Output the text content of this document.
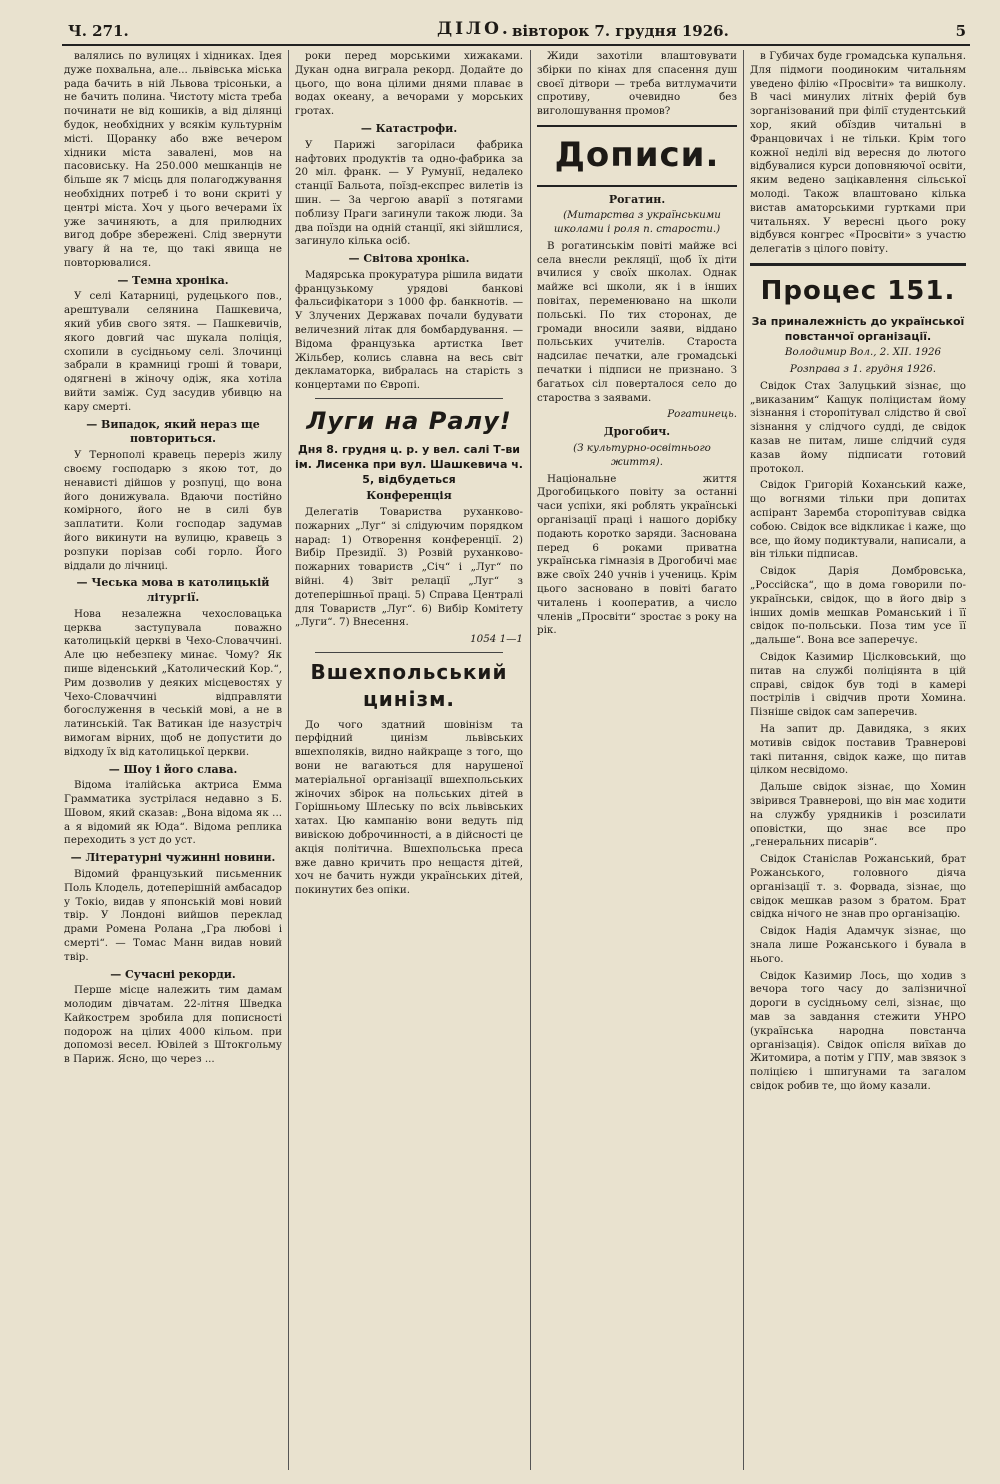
Ч. 271.	ДІЛО. вівторок 7. грудня 1926.	5

валялись по вулицях і хідниках. Ідея дуже похвальна, але... львівська міська рада бачить в ній Львова трісоньки, а не бачить полина. Чистоту міста треба починати не від кошиків, а від ділянці будок, необхідних у всякім культурнім місті. Щоранку або вже вечером хідники міста завалені, мов на пасовиську. На 250.000 мешканців не більше як 7 місць для полагоджування необхідних потреб і то вони скриті у центрі міста. Хоч у цього вечерами їх уже зачиняють, а для прилюдних вигод добре збережені. Слід звернути увагу й на те, що такі явища не повторювалися.

— Темна хроніка.

У селі Катарниці, рудецького пов., арештували селянина Пашкевича, який убив свого зятя. — Пашкевичів, якого довгий час шукала поліція, схопили в сусідньому селі. Злочинці забрали в крамниці гроші й товари, одягнені в жіночу одіж, яка хотіла вийти заміж. Суд засудив убивцю на кару смерті.

— Випадок, який нераз ще повториться.

У Тернополі кравець переріз жилу своєму господарю з якою тот, до ненависті дійшов у розпуці, що вона його донижувала. Вдаючи постійно комірного, його не в силі був заплатити. Коли господар задумав його викинути на вулицю, кравець з розпуки порізав собі горло. Його віддали до лічниці.

— Чеська мова в католицькій літургії.

Нова незалежна чехословацька церква заступувала поважно католицькій церкві в Чехо-Словаччині. Але цю небезпеку минає. Чому? Як пише віденський „Католический Кор.“, Рим дозволив у деяких місцевостях у Чехо-Словаччині відправляти богослуження в чеській мові, а не в латинській. Так Ватикан іде назустріч вимогам вірних, щоб не допустити до відходу їх від католицької церкви.

— Шоу і його слава.

Відома італійська актриса Емма Грамматика зустрілася недавно з Б. Шовом, який сказав: „Вона відома як ... а я відомий як Юда“. Відома реплика переходить з уст до уст.

— Літературні чужинні новини.

Відомий французький письменник Поль Клодель, дотеперішній амбасадор у Токіо, видав у японській мові новий твір. У Лондоні вийшов переклад драми Ромена Ролана „Гра любові і смерті“. — Томас Манн видав новий твір.

— Сучасні рекорди.

Перше місце належить тим дамам молодим дівчатам. 22-літня Шведка Кайкострем зробила для пописності подорож на цілих 4000 кільом. при допомозі весел. Ювілей з Штокгольму в Париж. Ясно, що через ...

роки перед морськими хижаками. Дукан одна виграла рекорд. Додайте до цього, що вона цілими днями плаває в водах океану, а вечорами у морських гротах.

— Катастрофи.

У Парижі загоріласи фабрика нафтових продуктів та одно-фабрика за 20 міл. франк. — У Румунії, недалеко станції Бальота, поїзд-експрес вилетів із шин. — За чергою аварії з потягами поблизу Праги загинули також люди. За два поїзди на одній станції, які зійшлися, загинуло кілька осіб.

— Світова хроніка.

Мадярська прокуратура рішила видати французькому урядові банкові фальсифікатори з 1000 фр. банкнотів. — У Злучених Державах почали будувати величезний літак для бомбардування. — Відома французька артистка Івет Жільбер, колись славна на весь світ декламаторка, вибралась на старість з концертами по Європі.

Луги на Ралу!
Дня 8. грудня ц. р. у вел. салі Т-ви ім. Лисенка при вул. Шашкевича ч. 5, відбудеться
Конференція

Делегатів Товариства руханково-пожарних „Луг“ зі слідуючим порядком нарад: 1) Отворення конференції. 2) Вибір Президії. 3) Розвій руханково-пожарних товариств „Січ“ і „Луг“ по війні. 4) Звіт релації „Луг“ з дотеперішньої праці. 5) Справа Централі для Товариств „Луг“. 6) Вибір Комітету „Луги“. 7) Внесення.

1054 1—1

Вшехпольський цинізм.

До чого здатний шовінізм та перфідний цинізм львівських вшехполяків, видно найкраще з того, що вони не вагаються для нарушеної матеріальної організації вшехпольських жіночих збірок на польських дітей в Горішньому Шлеську по всіх львівських хатах. Цю кампанію вони ведуть під вивіскою доброчинності, а в дійсності це акція політична. Вшехпольська преса вже давно кричить про нещастя дітей, хоч не бачить нужди українських дітей, покинутих без опіки.

Жиди захотіли влаштовувати збірки по кінах для спасення душ своєї дітвори — треба витлумачити спротиву, очевидно без виголошування промов?

Дописи.
Рогатин.

(Митарства з українськими школами і роля п. старости.)

В рогатинськім повіті майже всі села внесли рекляції, щоб їх діти вчилися у своїх школах. Однак майже всі школи, як і в інших повітах, переменювано на школи польські. Пo тих сторонах, де громади вносили заяви, віддано польських учителів. Староста нaдсилає печатки, але громадські печатки і підписи не признано. З багатьох сіл поверталося село до староства з заявами.

Рогатинець.

Дрогобич.

(З культурно-освітнього життя).

Національне життя Дрогобицького повіту за останні часи успіхи, які роблять українські організації праці і нашого дорібку подають коротко заряди. Заснована перед 6 роками приватна українська гімназія в Дрогобичі має вже своїх 240 учнів і учениць. Крім цього засновано в повіті багато читалень і кооператив, а число членів „Просвіти“ зростає з року на рік.

в Губичах буде громадська купальня. Для підмоги поодиноким читальням уведено філію «Просвіти» та вишколу. В часі минулих літніх ферій був зорганізований при філії студентський хор, який обїздив читальні в Францовичах і не тільки. Крім того кожної неділі від вересня до лютого відбувалися курси доповняючої освіти, яким ведено зацікавлення сільської молоді. Також влаштовано кілька вистав аматорськими гуртками при читальнях. У вересні цього року відбувся конгрес «Просвіти» з участю делегатів з цілого повіту.

Процес 151.
За приналежність до української повстанчої організації.

Володимир Вол., 2. XII. 1926

Розправа з 1. грудня 1926.

Свідок Стах Залуцький зізнає, що „виказаним“ Кащук поліцистам йому зізнання і сторопітувал слідство й свої зізнання у слідчого судді, де свідок казав не питам, лише слідчий судя казав йому підписати готовий протокол.

Свідок Григорій Коханський каже, що вогнями тільки при допитах аспірант Заремба сторопітував свідка собою. Свідок все відкликає і каже, що все, що йому подиктували, написали, а він тільки підписав.

Свідок Дарія Домбровська, „Росcійска“, що в дома говорили по-українськи, свідок, що в його двір з інших домів мешкав Романський і її свідок по-польськи. Поза тим усе її „дальше“. Вона все заперечує.

Свідок Казимир Ціслковський, що питав на службі поліціянта в цій справі, свідок був тоді в камері пострілів і свідчив проти Хомина. Пізніше свідок сам заперечив.

На запит др. Давидяка, з яких мотивів свідок поставив Травнерові такі питання, свідок каже, що питав цілком несвідомо.

Дальше свідок зізнає, що Хомин звірився Травнерові, що він має ходити на службу урядників і розсилати оповістки, що знає все про „генеральних писарів“.

Свідок Станіслав Рожанський, брат Рожанського, головного діяча організації т. з. Форвада, зізнає, що свідок мешкав разом з братом. Брат свідка нічого не знав про організацію.

Свідок Надія Адамчук зізнає, що знала лише Рожанського і бувала в нього.

Свідок Казимир Лось, що ходив з вечора того часу до залізничної дороги в сусідньому селі, зізнає, що мав за завдання стежити УНРО (українська народна повстанча організація). Свідок опісля виїхав до Житомира, а потім у ГПУ, мав звязок з поліцією і шпигунами та загалом свідок робив те, що йому казали.
